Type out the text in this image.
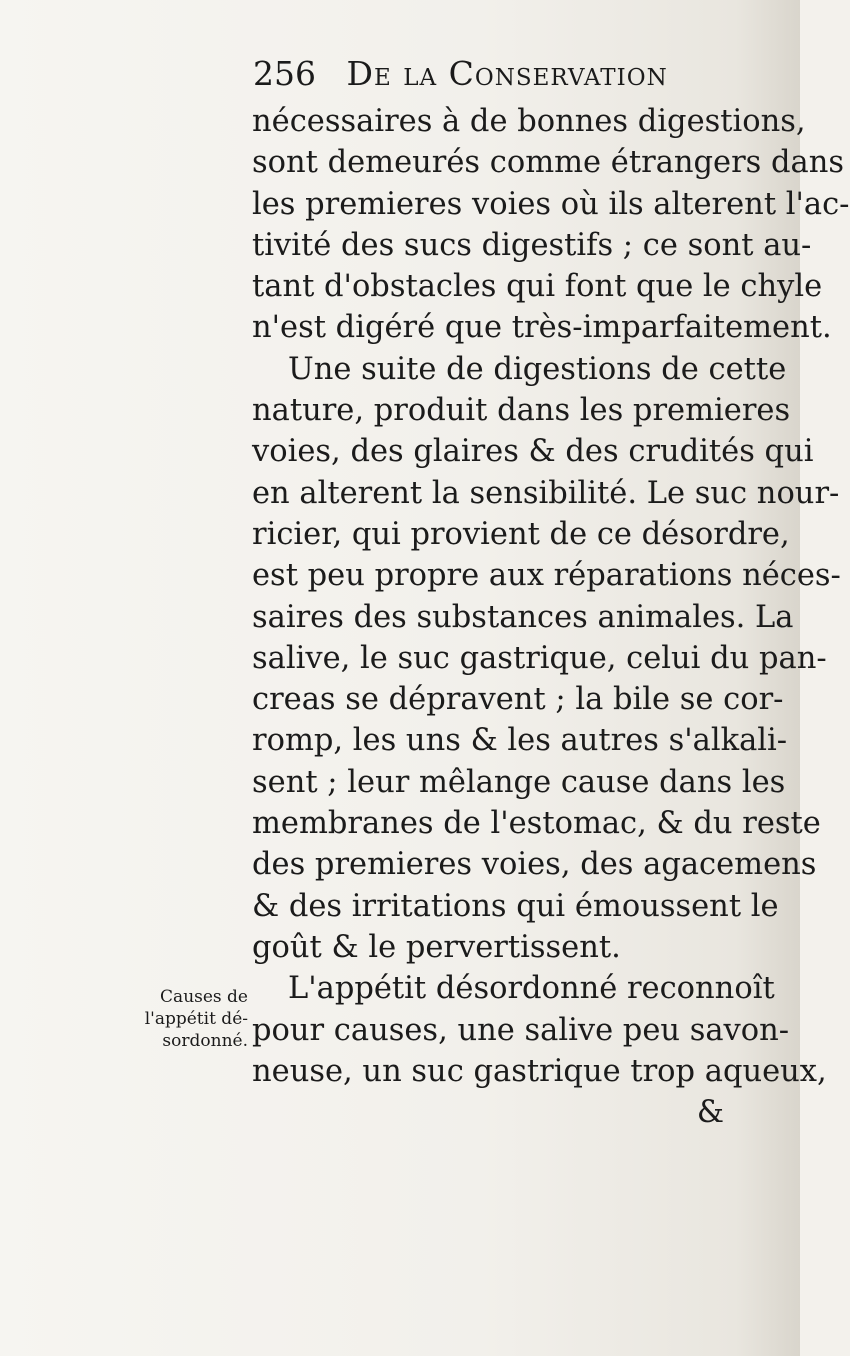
256 De la Conservation
nécessaires à de bonnes digestions,
sont demeurés comme étrangers dans
les premieres voies où ils alterent l'ac-
tivité des sucs digestifs ; ce sont au-
tant d'obstacles qui font que le chyle
n'est digéré que très-imparfaitement.
Une suite de digestions de cette
nature, produit dans les premieres
voies, des glaires & des crudités qui
en alterent la sensibilité. Le suc nour-
ricier, qui provient de ce désordre,
est peu propre aux réparations néces-
saires des substances animales. La
salive, le suc gastrique, celui du pan-
creas se dépravent ; la bile se cor-
romp, les uns & les autres s'alkali-
sent ; leur mêlange cause dans les
membranes de l'estomac, & du reste
des premieres voies, des agacemens
& des irritations qui émoussent le
goût & le pervertissent.
L'appétit désordonné reconnoît
pour causes, une salive peu savon-
neuse, un suc gastrique trop aqueux,
&
Causes de
l'appétit dé-
sordonné.
